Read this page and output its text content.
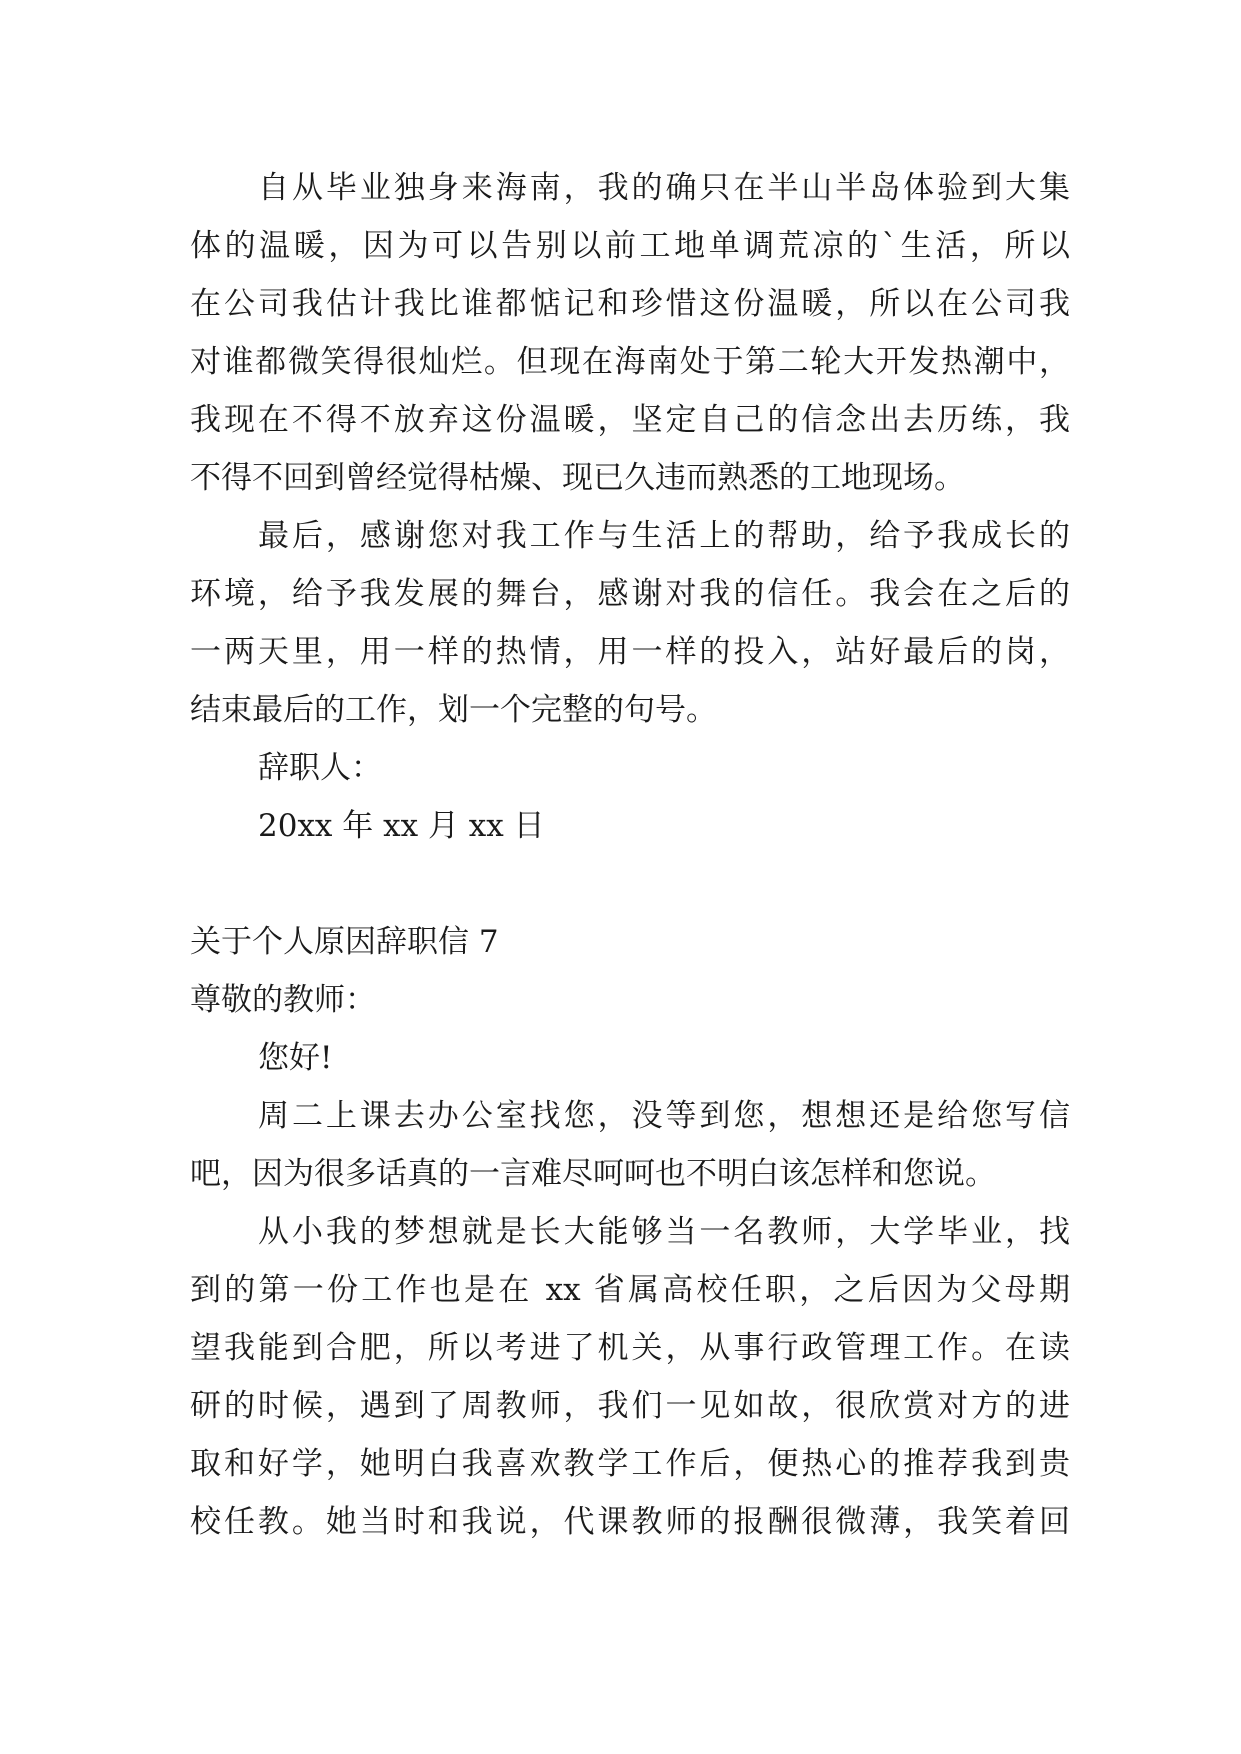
自从毕业独身来海南，我的确只在半山半岛体验到大集
体的温暖，因为可以告别以前工地单调荒凉的`生活，所以
在公司我估计我比谁都惦记和珍惜这份温暖，所以在公司我
对谁都微笑得很灿烂。但现在海南处于第二轮大开发热潮中，
我现在不得不放弃这份温暖，坚定自己的信念出去历练，我
不得不回到曾经觉得枯燥、现已久违而熟悉的工地现场。
最后，感谢您对我工作与生活上的帮助，给予我成长的
环境，给予我发展的舞台，感谢对我的信任。我会在之后的
一两天里，用一样的热情，用一样的投入，站好最后的岗，
结束最后的工作，划一个完整的句号。
辞职人：
20xx 年 xx 月 xx 日
关于个人原因辞职信 7
尊敬的教师：
您好!
周二上课去办公室找您，没等到您，想想还是给您写信
吧，因为很多话真的一言难尽呵呵也不明白该怎样和您说。
从小我的梦想就是长大能够当一名教师，大学毕业，找
到的第一份工作也是在 xx 省属高校任职，之后因为父母期
望我能到合肥，所以考进了机关，从事行政管理工作。在读
研的时候，遇到了周教师，我们一见如故，很欣赏对方的进
取和好学，她明白我喜欢教学工作后，便热心的推荐我到贵
校任教。她当时和我说，代课教师的报酬很微薄，我笑着回
